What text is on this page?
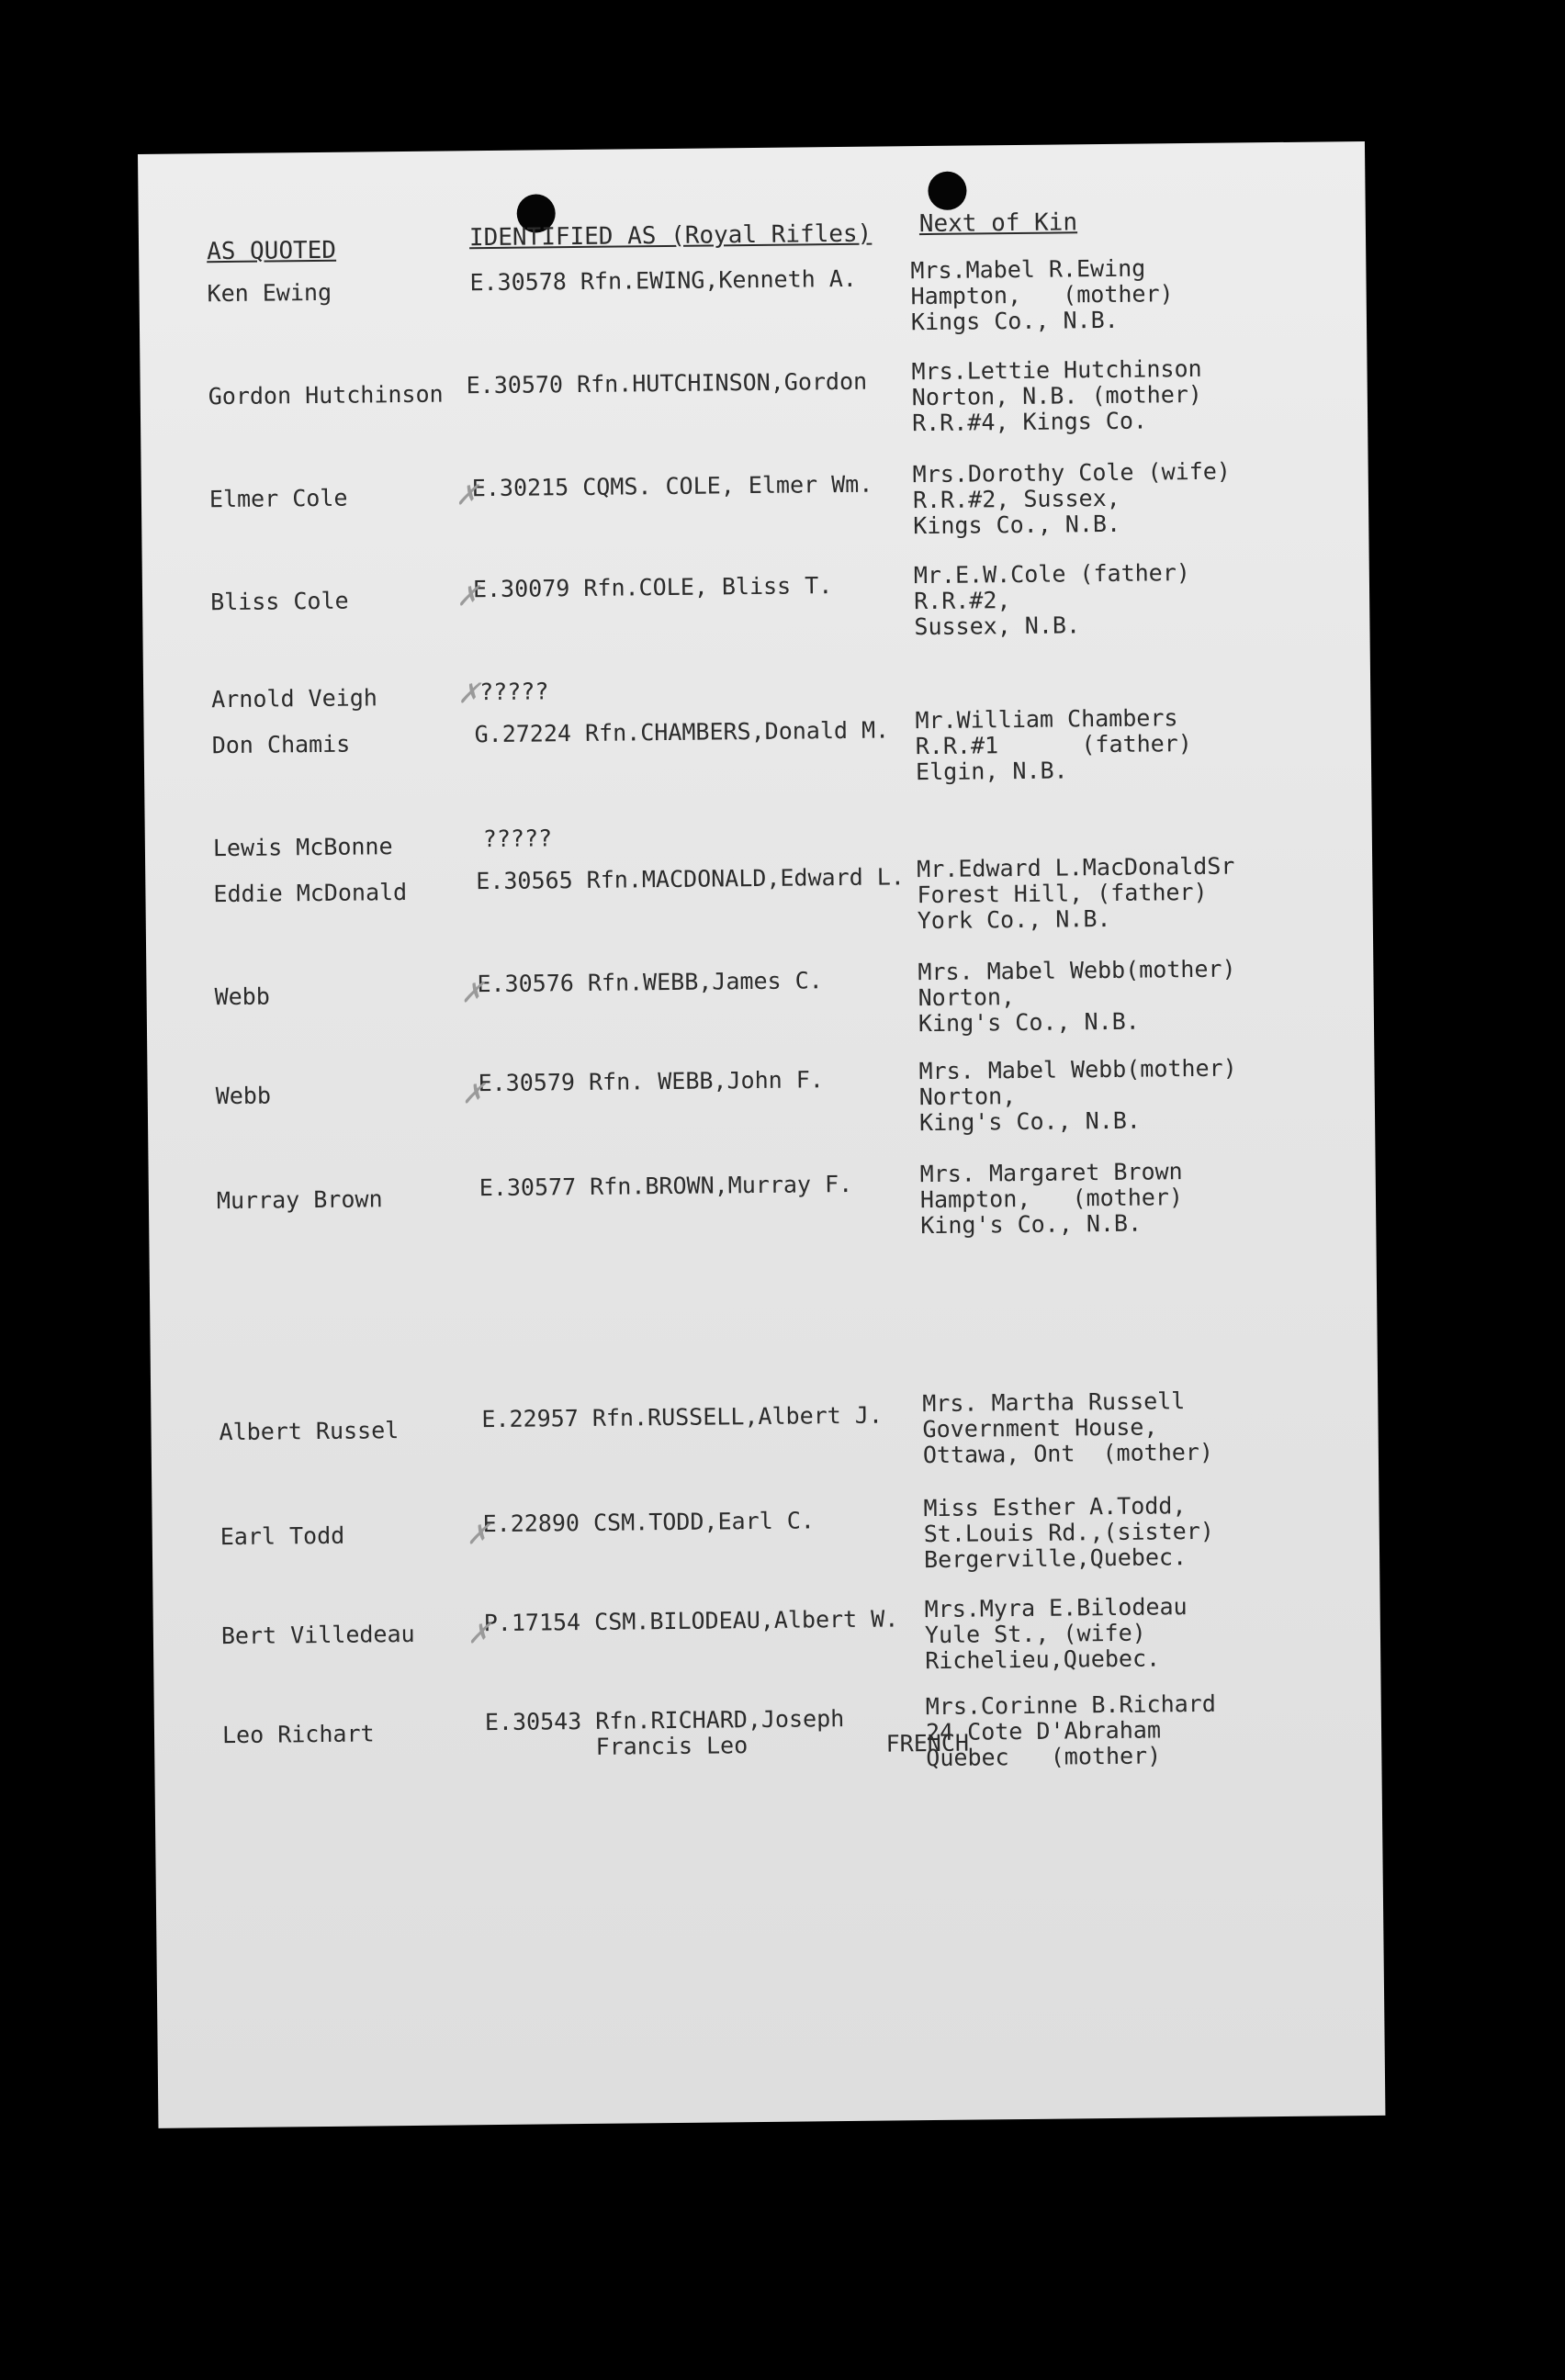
AS QUOTED	IDENTIFIED AS (Royal Rifles) Next of Kin
Ken Ewing	E.30578 Rfn.EWING,Kenneth A. Mrs.Mabel R.Ewing
Hampton,   (mother)
Kings Co., N.B.
Gordon Hutchinson E.30570 Rfn.HUTCHINSON,Gordon Mrs.Lettie Hutchinson
Norton, N.B. (mother)
R.R.#4, Kings Co.
Elmer Cole	E.30215 CQMS. COLE, Elmer Wm. Mrs.Dorothy Cole (wife)
R.R.#2, Sussex,
Kings Co., N.B.
Bliss Cole	E.30079 Rfn.COLE, Bliss T.	Mr.E.W.Cole (father)
R.R.#2,
Sussex, N.B.
Arnold Veigh	?????
Don Chamis	G.27224 Rfn.CHAMBERS,Donald M. Mr.William Chambers
R.R.#1      (father)
Elgin, N.B.
Lewis McBonne	?????
Eddie McDonald	E.30565 Rfn.MACDONALD,Edward L. Mr.Edward L.MacDonaldSr
Forest Hill, (father)
York Co., N.B.
Webb	E.30576 Rfn.WEBB,James C.	Mrs. Mabel Webb(mother)
Norton,
King's Co., N.B.
Webb	E.30579 Rfn. WEBB,John F.	Mrs. Mabel Webb(mother)
Norton,
King's Co., N.B.
Murray Brown	E.30577 Rfn.BROWN,Murray F.	Mrs. Margaret Brown
Hampton,   (mother)
King's Co., N.B.
Albert Russel	E.22957 Rfn.RUSSELL,Albert J. Mrs. Martha Russell
Government House,
Ottawa, Ont  (mother)
Earl Todd	E.22890 CSM.TODD,Earl C.
Miss Esther A.Todd,
St.Louis Rd.,(sister)
Bergerville,Quebec.
Bert Villedeau	P.17154 CSM.BILODEAU,Albert W. Mrs.Myra E.Bilodeau
Yule St., (wife)
Richelieu,Quebec.
Leo Richart	E.30543 Rfn.RICHARD,Joseph
Francis Leo          FRENCH
Mrs.Corinne B.Richard
24 Cote D'Abraham
Quebec   (mother)
✗
✗
✗
✗
✗
✗
✗
